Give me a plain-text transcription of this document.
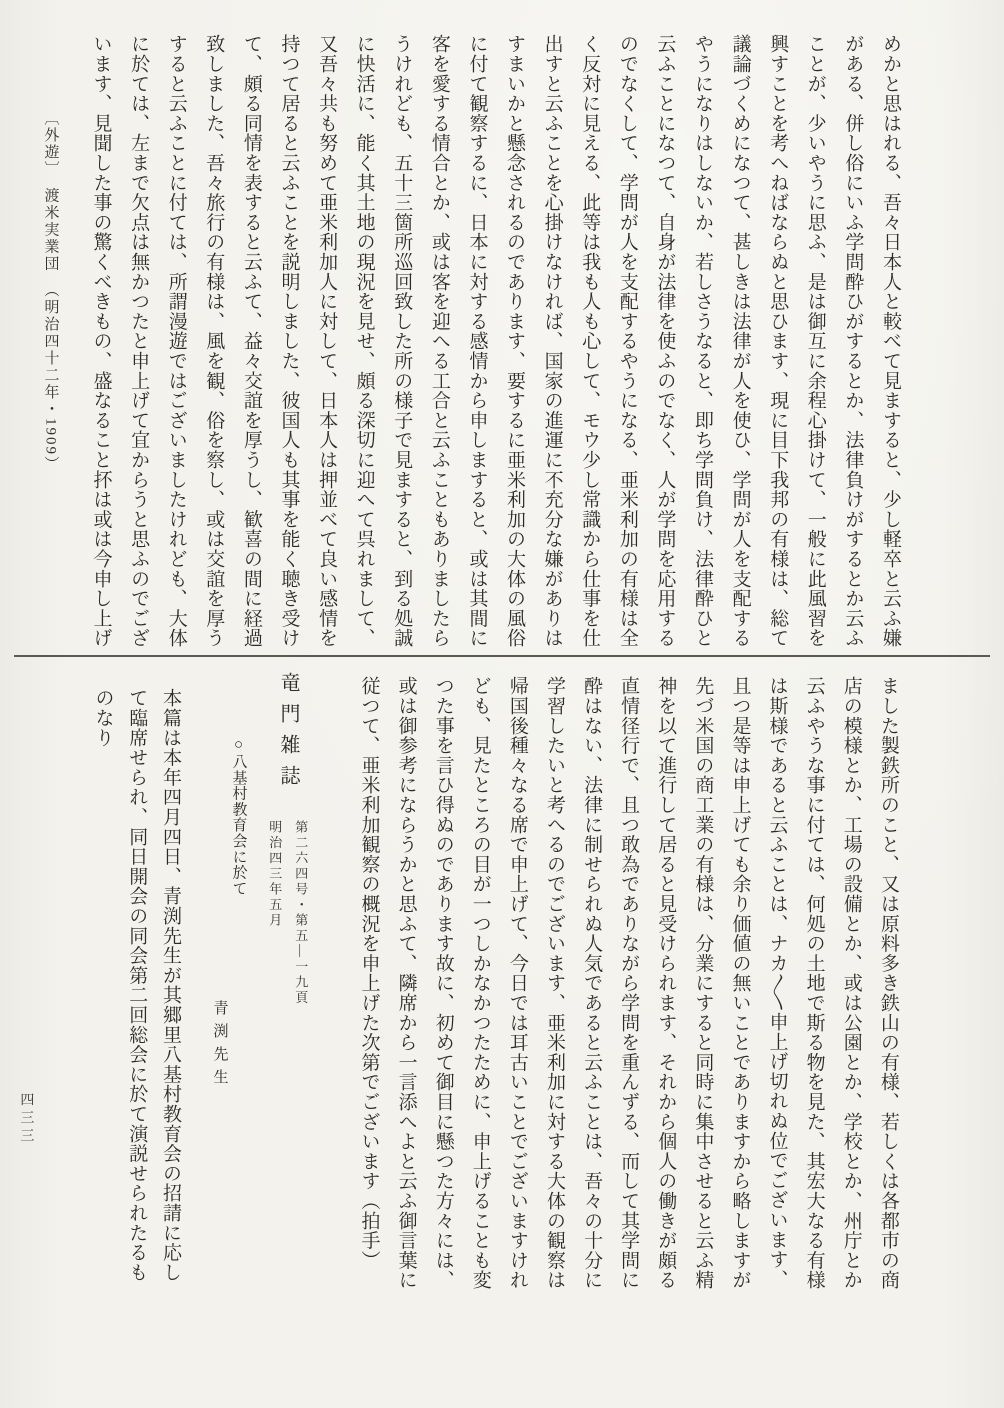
めかと思はれる、吾々日本人と較べて見ますると、少し軽卒と云ふ嫌
がある、併し俗にいふ学問酔ひがするとか、法律負けがするとか云ふ
ことが、少いやうに思ふ、是は御互に余程心掛けて、一般に此風習を
興すことを考へねばならぬと思ひます、現に目下我邦の有様は、総て
議論づくめになつて、甚しきは法律が人を使ひ、学問が人を支配する
やうになりはしないか、若しさうなると、即ち学問負け、法律酔ひと
云ふことになつて、自身が法律を使ふのでなく、人が学問を応用する
のでなくして、学問が人を支配するやうになる、亜米利加の有様は全
く反対に見える、此等は我も人も心して、モウ少し常識から仕事を仕
出すと云ふことを心掛けなければ、国家の進運に不充分な嫌がありは
すまいかと懸念されるのであります、要するに亜米利加の大体の風俗
に付て観察するに、日本に対する感情から申しますると、或は其間に
客を愛する情合とか、或は客を迎へる工合と云ふこともありましたら
うけれども、五十三箇所巡回致した所の様子で見ますると、到る処誠
に快活に、能く其土地の現況を見せ、頗る深切に迎へて呉れまして、
又吾々共も努めて亜米利加人に対して、日本人は押並べて良い感情を
持つて居ると云ふことを説明しました、彼国人も其事を能く聴き受け
て、頗る同情を表すると云ふて、益々交誼を厚うし、歓喜の間に経過
致しました、吾々旅行の有様は、風を観、俗を察し、或は交誼を厚う
すると云ふことに付ては、所謂漫遊ではございましたけれども、大体
に於ては、左まで欠点は無かつたと申上げて宜からうと思ふのでござ
います、見聞した事の驚くべきもの、盛なること抔は或は今申し上げ
〔外遊〕　渡米実業団　（明治四十二年・1909）
ました製鉄所のこと、又は原料多き鉄山の有様、若しくは各都市の商
店の模様とか、工場の設備とか、或は公園とか、学校とか、州庁とか
云ふやうな事に付ては、何処の土地で斯る物を見た、其宏大なる有様
は斯様であると云ふことは、ナカ〱申上げ切れぬ位でございます、
且つ是等は申上げても余り価値の無いことでありますから略しますが
先づ米国の商工業の有様は、分業にすると同時に集中させると云ふ精
神を以て進行して居ると見受けられます、それから個人の働きが頗る
直情径行で、且つ敢為でありながら学問を重んずる、而して其学問に
酔はない、法律に制せられぬ人気であると云ふことは、吾々の十分に
学習したいと考へるのでございます、亜米利加に対する大体の観察は
帰国後種々なる席で申上げて、今日では耳古いことでございますけれ
ども、見たところの目が一つしかなかつたために、申上げることも変
つた事を言ひ得ぬのであります故に、初めて御目に懸つた方々には、
或は御参考にならうかと思ふて、隣席から一言添へよと云ふ御言葉に
従つて、亜米利加観察の概況を申上げた次第でございます（拍手）
竜門雑誌
第二六四号・第五―一九頁
明治四三年五月
○八基村教育会に於て
青渕先生
本篇は本年四月四日、青渕先生が其郷里八基村教育会の招請に応し
て臨席せられ、同日開会の同会第二回総会に於て演説せられたるも
のなり
四三三
